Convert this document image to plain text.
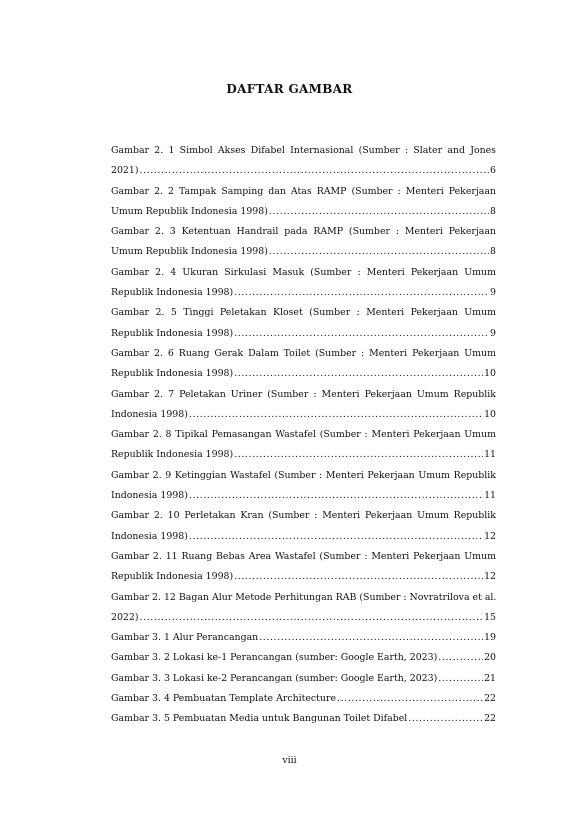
DAFTAR GAMBAR
Gambar 2. 1 Simbol Akses Difabel Internasional (Sumber : Slater and Jones
2021) .....	6
Gambar 2. 2 Tampak Samping dan Atas RAMP (Sumber : Menteri Pekerjaan
Umum Republik Indonesia 1998) .....	8
Gambar 2. 3 Ketentuan Handrail pada RAMP (Sumber : Menteri Pekerjaan
Umum Republik Indonesia 1998) .....	8
Gambar 2. 4 Ukuran Sirkulasi Masuk (Sumber : Menteri Pekerjaan Umum
Republik Indonesia 1998) .....	9
Gambar 2. 5 Tinggi Peletakan Kloset (Sumber : Menteri Pekerjaan Umum
Republik Indonesia 1998) .....	9
Gambar 2. 6 Ruang Gerak Dalam Toilet (Sumber : Menteri Pekerjaan Umum
Republik Indonesia 1998) .....	10
Gambar 2. 7 Peletakan Uriner (Sumber : Menteri Pekerjaan Umum Republik
Indonesia 1998) .....	10
Gambar 2. 8 Tipikal Pemasangan Wastafel (Sumber : Menteri Pekerjaan Umum
Republik Indonesia 1998) .....	11
Gambar 2. 9 Ketinggian Wastafel (Sumber : Menteri Pekerjaan Umum Republik
Indonesia 1998) .....	11
Gambar 2. 10 Perletakan Kran (Sumber : Menteri Pekerjaan Umum Republik
Indonesia 1998) .....	12
Gambar 2. 11 Ruang Bebas Area Wastafel (Sumber : Menteri Pekerjaan Umum
Republik Indonesia 1998) .....	12
Gambar 2. 12 Bagan Alur Metode Perhitungan RAB (Sumber : Novratrilova et al.
2022) .....	15
Gambar 3. 1 Alur Perancangan .....	19
Gambar 3. 2 Lokasi ke-1 Perancangan (sumber: Google Earth, 2023) .....	20
Gambar 3. 3 Lokasi ke-2 Perancangan (sumber: Google Earth, 2023) .....	21
Gambar 3. 4 Pembuatan Template Architecture .....	22
Gambar 3. 5 Pembuatan Media untuk Bangunan Toilet Difabel .....	22
viii
